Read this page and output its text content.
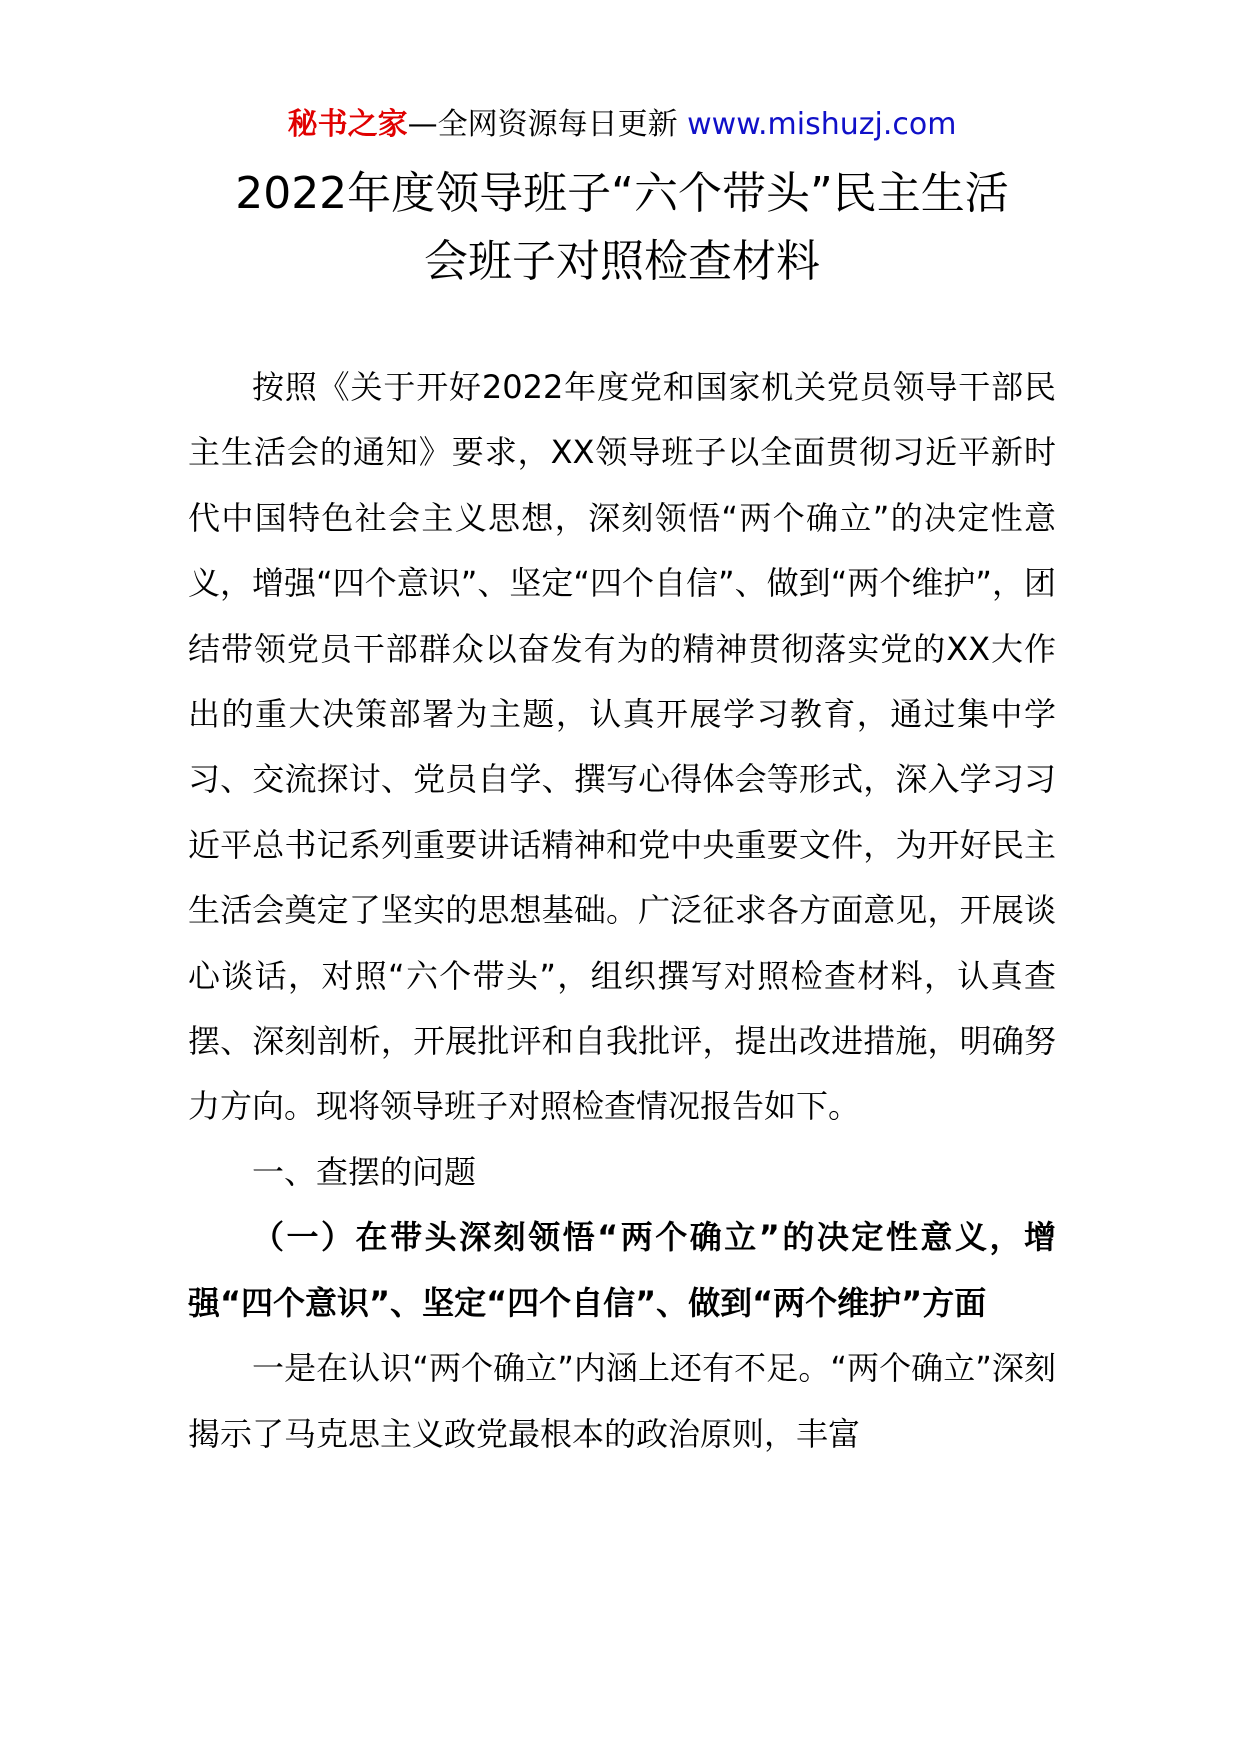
秘书之家—全网资源每日更新 www.mishuzj.com
2022年度领导班子“六个带头”民主生活
会班子对照检查材料

按照《关于开好2022年度党和国家机关党员领导干部民主生活会的通知》要求，XX领导班子以全面贯彻习近平新时代中国特色社会主义思想，深刻领悟“两个确立”的决定性意义，增强“四个意识”、坚定“四个自信”、做到“两个维护”，团结带领党员干部群众以奋发有为的精神贯彻落实党的XX大作出的重大决策部署为主题，认真开展学习教育，通过集中学习、交流探讨、党员自学、撰写心得体会等形式，深入学习习近平总书记系列重要讲话精神和党中央重要文件，为开好民主生活会奠定了坚实的思想基础。广泛征求各方面意见，开展谈心谈话，对照“六个带头”，组织撰写对照检查材料，认真查摆、深刻剖析，开展批评和自我批评，提出改进措施，明确努力方向。现将领导班子对照检查情况报告如下。

一、查摆的问题

（一）在带头深刻领悟“两个确立”的决定性意义，增强“四个意识”、坚定“四个自信”、做到“两个维护”方面

一是在认识“两个确立”内涵上还有不足。“两个确立”深刻揭示了马克思主义政党最根本的政治原则，丰富
